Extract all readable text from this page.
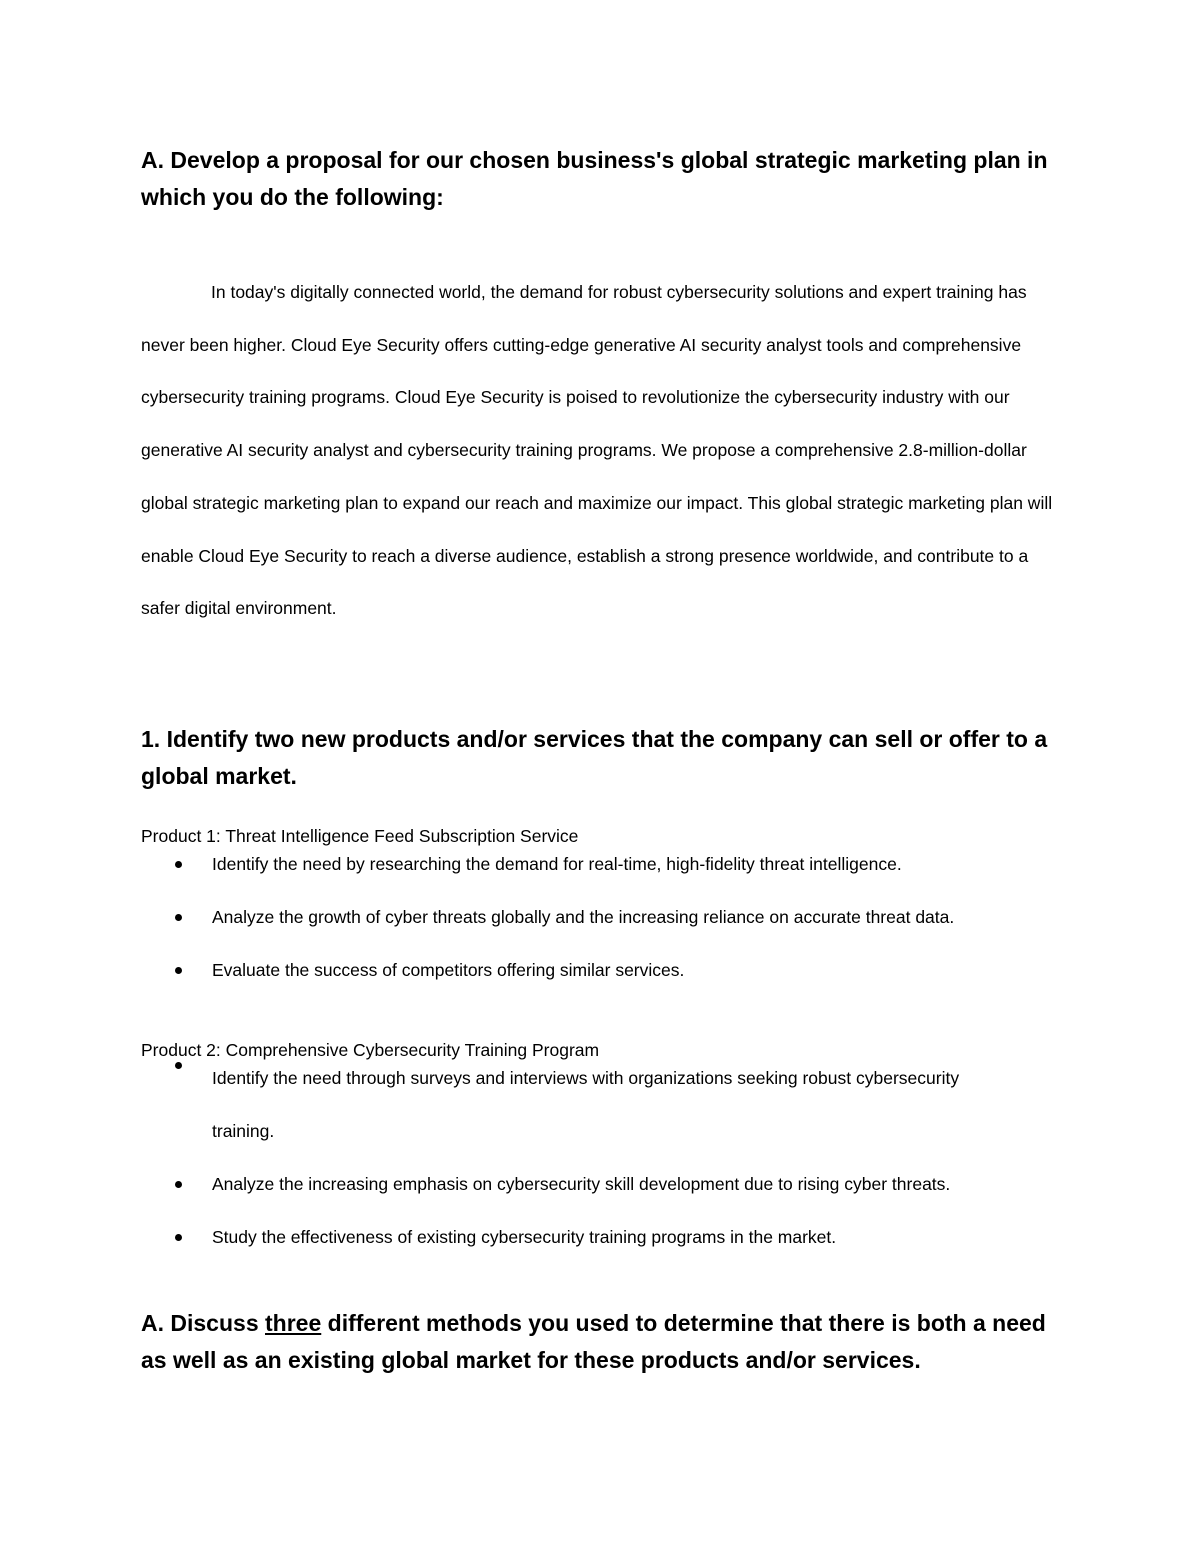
A. Develop a proposal for our chosen business's global strategic marketing plan in which you do the following:

In today's digitally connected world, the demand for robust cybersecurity solutions and expert training has never been higher. Cloud Eye Security offers cutting-edge generative AI security analyst tools and comprehensive cybersecurity training programs. Cloud Eye Security is poised to revolutionize the cybersecurity industry with our generative AI security analyst and cybersecurity training programs. We propose a comprehensive 2.8-million-dollar global strategic marketing plan to expand our reach and maximize our impact. This global strategic marketing plan will enable Cloud Eye Security to reach a diverse audience, establish a strong presence worldwide, and contribute to a safer digital environment.

1. Identify two new products and/or services that the company can sell or offer to a global market.

Product 1: Threat Intelligence Feed Subscription Service

Identify the need by researching the demand for real-time, high-fidelity threat intelligence.
Analyze the growth of cyber threats globally and the increasing reliance on accurate threat data.
Evaluate the success of competitors offering similar services.

Product 2: Comprehensive Cybersecurity Training Program

Identify the need through surveys and interviews with organizations seeking robust cybersecurity training.
Analyze the increasing emphasis on cybersecurity skill development due to rising cyber threats.
Study the effectiveness of existing cybersecurity training programs in the market.
A. Discuss three different methods you used to determine that there is both a need as well as an existing global market for these products and/or services.
